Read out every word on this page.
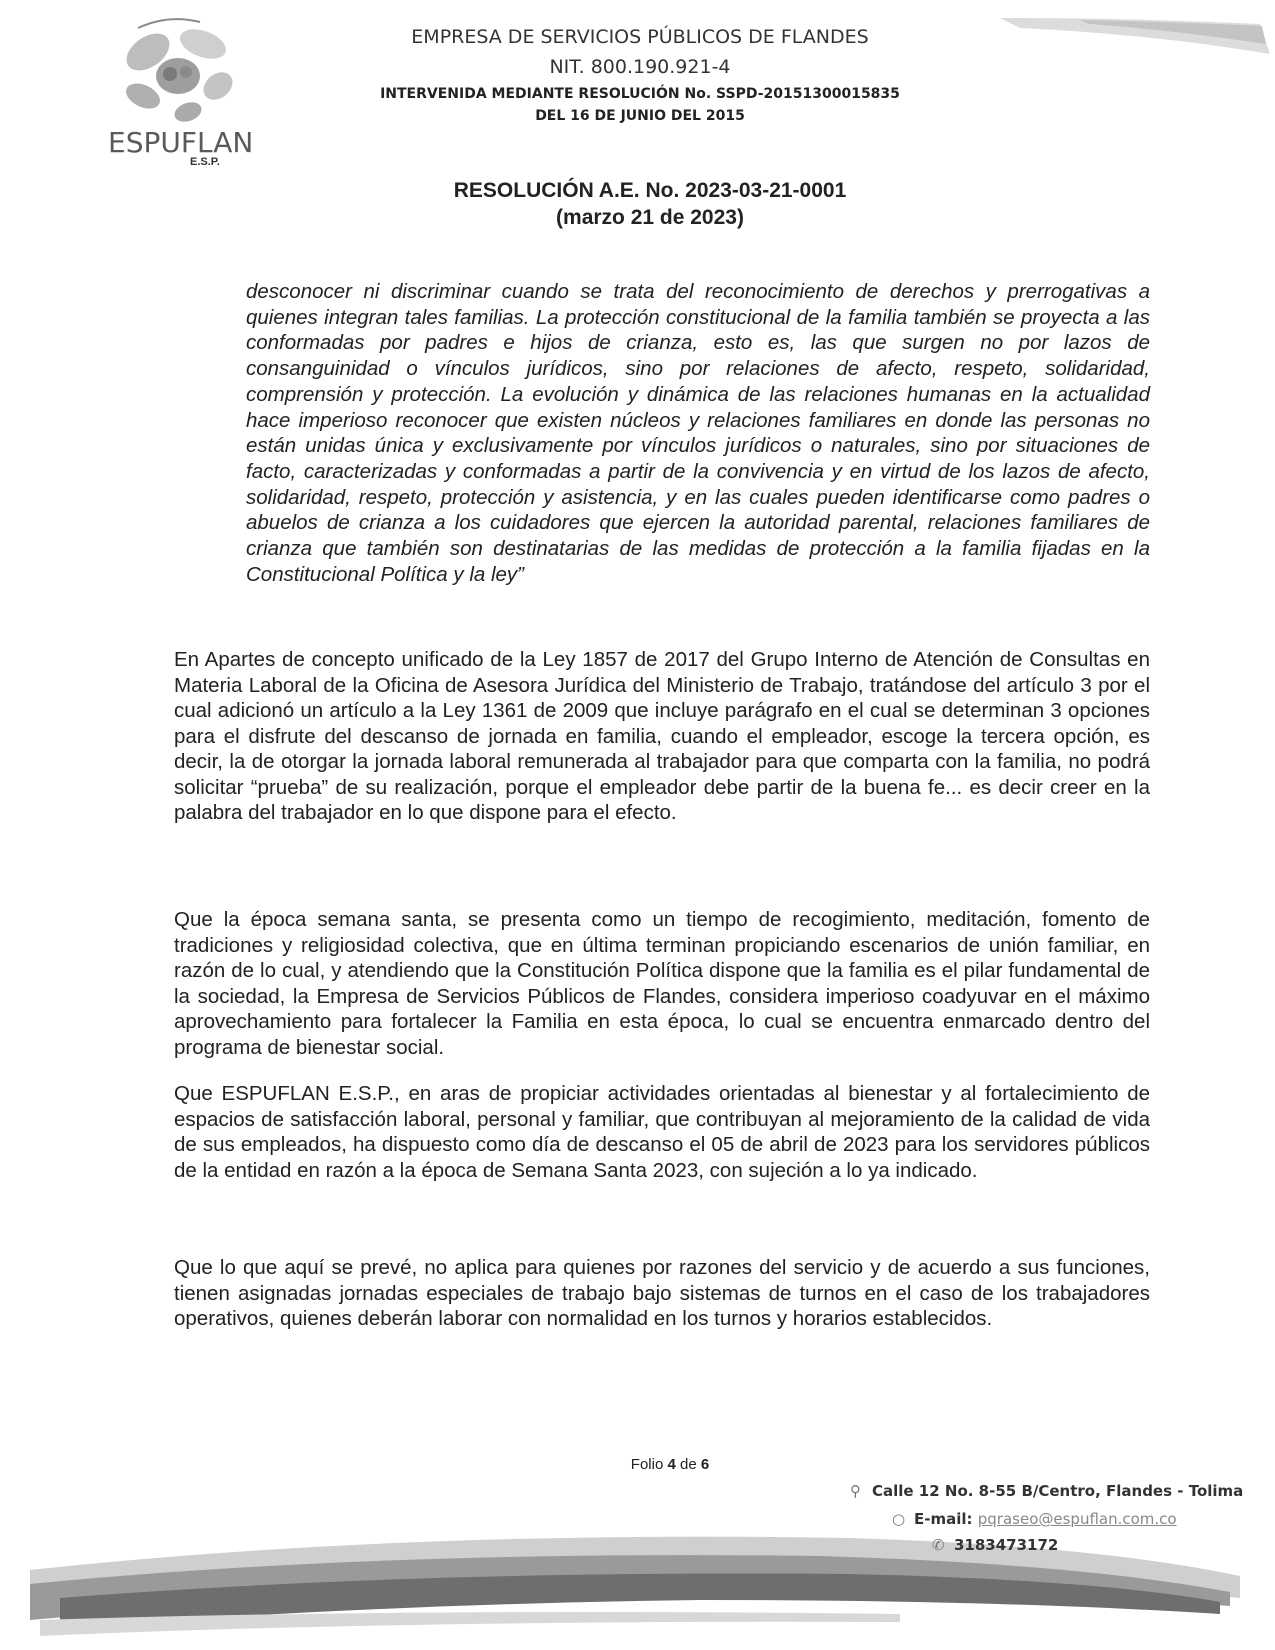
ESPUFLAN
E.S.P.
EMPRESA DE SERVICIOS PÚBLICOS DE FLANDES
NIT. 800.190.921-4
INTERVENIDA MEDIANTE RESOLUCIÓN No. SSPD-20151300015835
DEL 16 DE JUNIO DEL 2015
RESOLUCIÓN A.E. No. 2023-03-21-0001
(marzo 21 de 2023)
desconocer ni discriminar cuando se trata del reconocimiento de derechos y prerrogativas a quienes integran tales familias. La protección constitucional de la familia también se proyecta a las conformadas por padres e hijos de crianza, esto es, las que surgen no por lazos de consanguinidad o vínculos jurídicos, sino por relaciones de afecto, respeto, solidaridad, comprensión y protección. La evolución y dinámica de las relaciones humanas en la actualidad hace imperioso reconocer que existen núcleos y relaciones familiares en donde las personas no están unidas única y exclusivamente por vínculos jurídicos o naturales, sino por situaciones de facto, caracterizadas y conformadas a partir de la convivencia y en virtud de los lazos de afecto, solidaridad, respeto, protección y asistencia, y en las cuales pueden identificarse como padres o abuelos de crianza a los cuidadores que ejercen la autoridad parental, relaciones familiares de crianza que también son destinatarias de las medidas de protección a la familia fijadas en la Constitucional Política y la ley”
En Apartes de concepto unificado de la Ley 1857 de 2017 del Grupo Interno de Atención de Consultas en Materia Laboral de la Oficina de Asesora Jurídica del Ministerio de Trabajo, tratándose del artículo 3 por el cual adicionó un artículo a la Ley 1361 de 2009 que incluye parágrafo en el cual se determinan 3 opciones para el disfrute del descanso de jornada en familia, cuando el empleador, escoge la tercera opción, es decir, la de otorgar la jornada laboral remunerada al trabajador para que comparta con la familia, no podrá solicitar “prueba” de su realización, porque el empleador debe partir de la buena fe... es decir creer en la palabra del trabajador en lo que dispone para el efecto.
Que la época semana santa, se presenta como un tiempo de recogimiento, meditación, fomento de tradiciones y religiosidad colectiva, que en última terminan propiciando escenarios de unión familiar, en razón de lo cual, y atendiendo que la Constitución Política dispone que la familia es el pilar fundamental de la sociedad, la Empresa de Servicios Públicos de Flandes, considera imperioso coadyuvar en el máximo aprovechamiento para fortalecer la Familia en esta época, lo cual se encuentra enmarcado dentro del programa de bienestar social.
Que ESPUFLAN E.S.P., en aras de propiciar actividades orientadas al bienestar y al fortalecimiento de espacios de satisfacción laboral, personal y familiar, que contribuyan al mejoramiento de la calidad de vida de sus empleados, ha dispuesto como día de descanso el 05 de abril de 2023 para los servidores públicos de la entidad en razón a la época de Semana Santa 2023, con sujeción a lo ya indicado.
Que lo que aquí se prevé, no aplica para quienes por razones del servicio y de acuerdo a sus funciones, tienen asignadas jornadas especiales de trabajo bajo sistemas de turnos en el caso de los trabajadores operativos, quienes deberán laborar con normalidad en los turnos y horarios establecidos.
Folio 4 de 6
⚲ Calle 12 No. 8-55 B/Centro, Flandes - Tolima
○ E-mail: pqraseo@espuflan.com.co
✆ 3183473172
